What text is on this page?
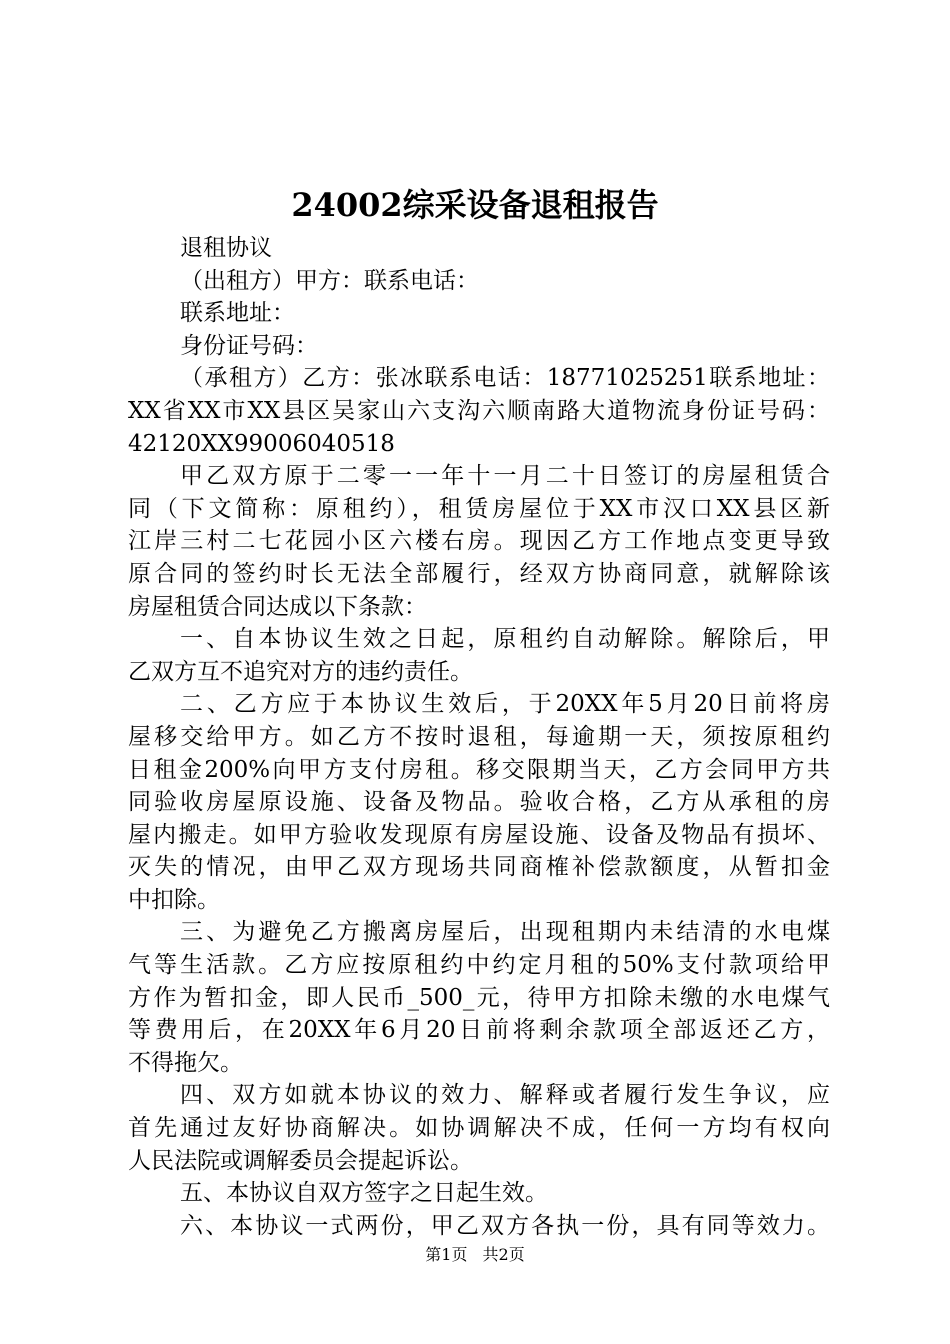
24002综采设备退租报告
退租协议
（出租方）甲方：联系电话：
联系地址：
身份证号码：
（承租方）乙方：张冰联系电话：18771025251联系地址：
XX省XX市XX县区吴家山六支沟六顺南路大道物流身份证号码：
42120XX99006040518
甲乙双方原于二零一一年十一月二十日签订的房屋租赁合
同（下文简称：原租约），租赁房屋位于XX市汉口XX县区新
江岸三村二七花园小区六楼右房。现因乙方工作地点变更导致
原合同的签约时长无法全部履行，经双方协商同意，就解除该
房屋租赁合同达成以下条款：
一、自本协议生效之日起，原租约自动解除。解除后，甲
乙双方互不追究对方的违约责任。
二、乙方应于本协议生效后，于20XX年5月20日前将房
屋移交给甲方。如乙方不按时退租，每逾期一天，须按原租约
日租金200%向甲方支付房租。移交限期当天，乙方会同甲方共
同验收房屋原设施、设备及物品。验收合格，乙方从承租的房
屋内搬走。如甲方验收发现原有房屋设施、设备及物品有损坏、
灭失的情况，由甲乙双方现场共同商榷补偿款额度，从暂扣金
中扣除。
三、为避免乙方搬离房屋后，出现租期内未结清的水电煤
气等生活款。乙方应按原租约中约定月租的50%支付款项给甲
方作为暂扣金，即人民币_500_元，待甲方扣除未缴的水电煤气
等费用后，在20XX年6月20日前将剩余款项全部返还乙方，
不得拖欠。
四、双方如就本协议的效力、解释或者履行发生争议，应
首先通过友好协商解决。如协调解决不成，任何一方均有权向
人民法院或调解委员会提起诉讼。
五、本协议自双方签字之日起生效。
六、本协议一式两份，甲乙双方各执一份，具有同等效力。
第1页 共2页
